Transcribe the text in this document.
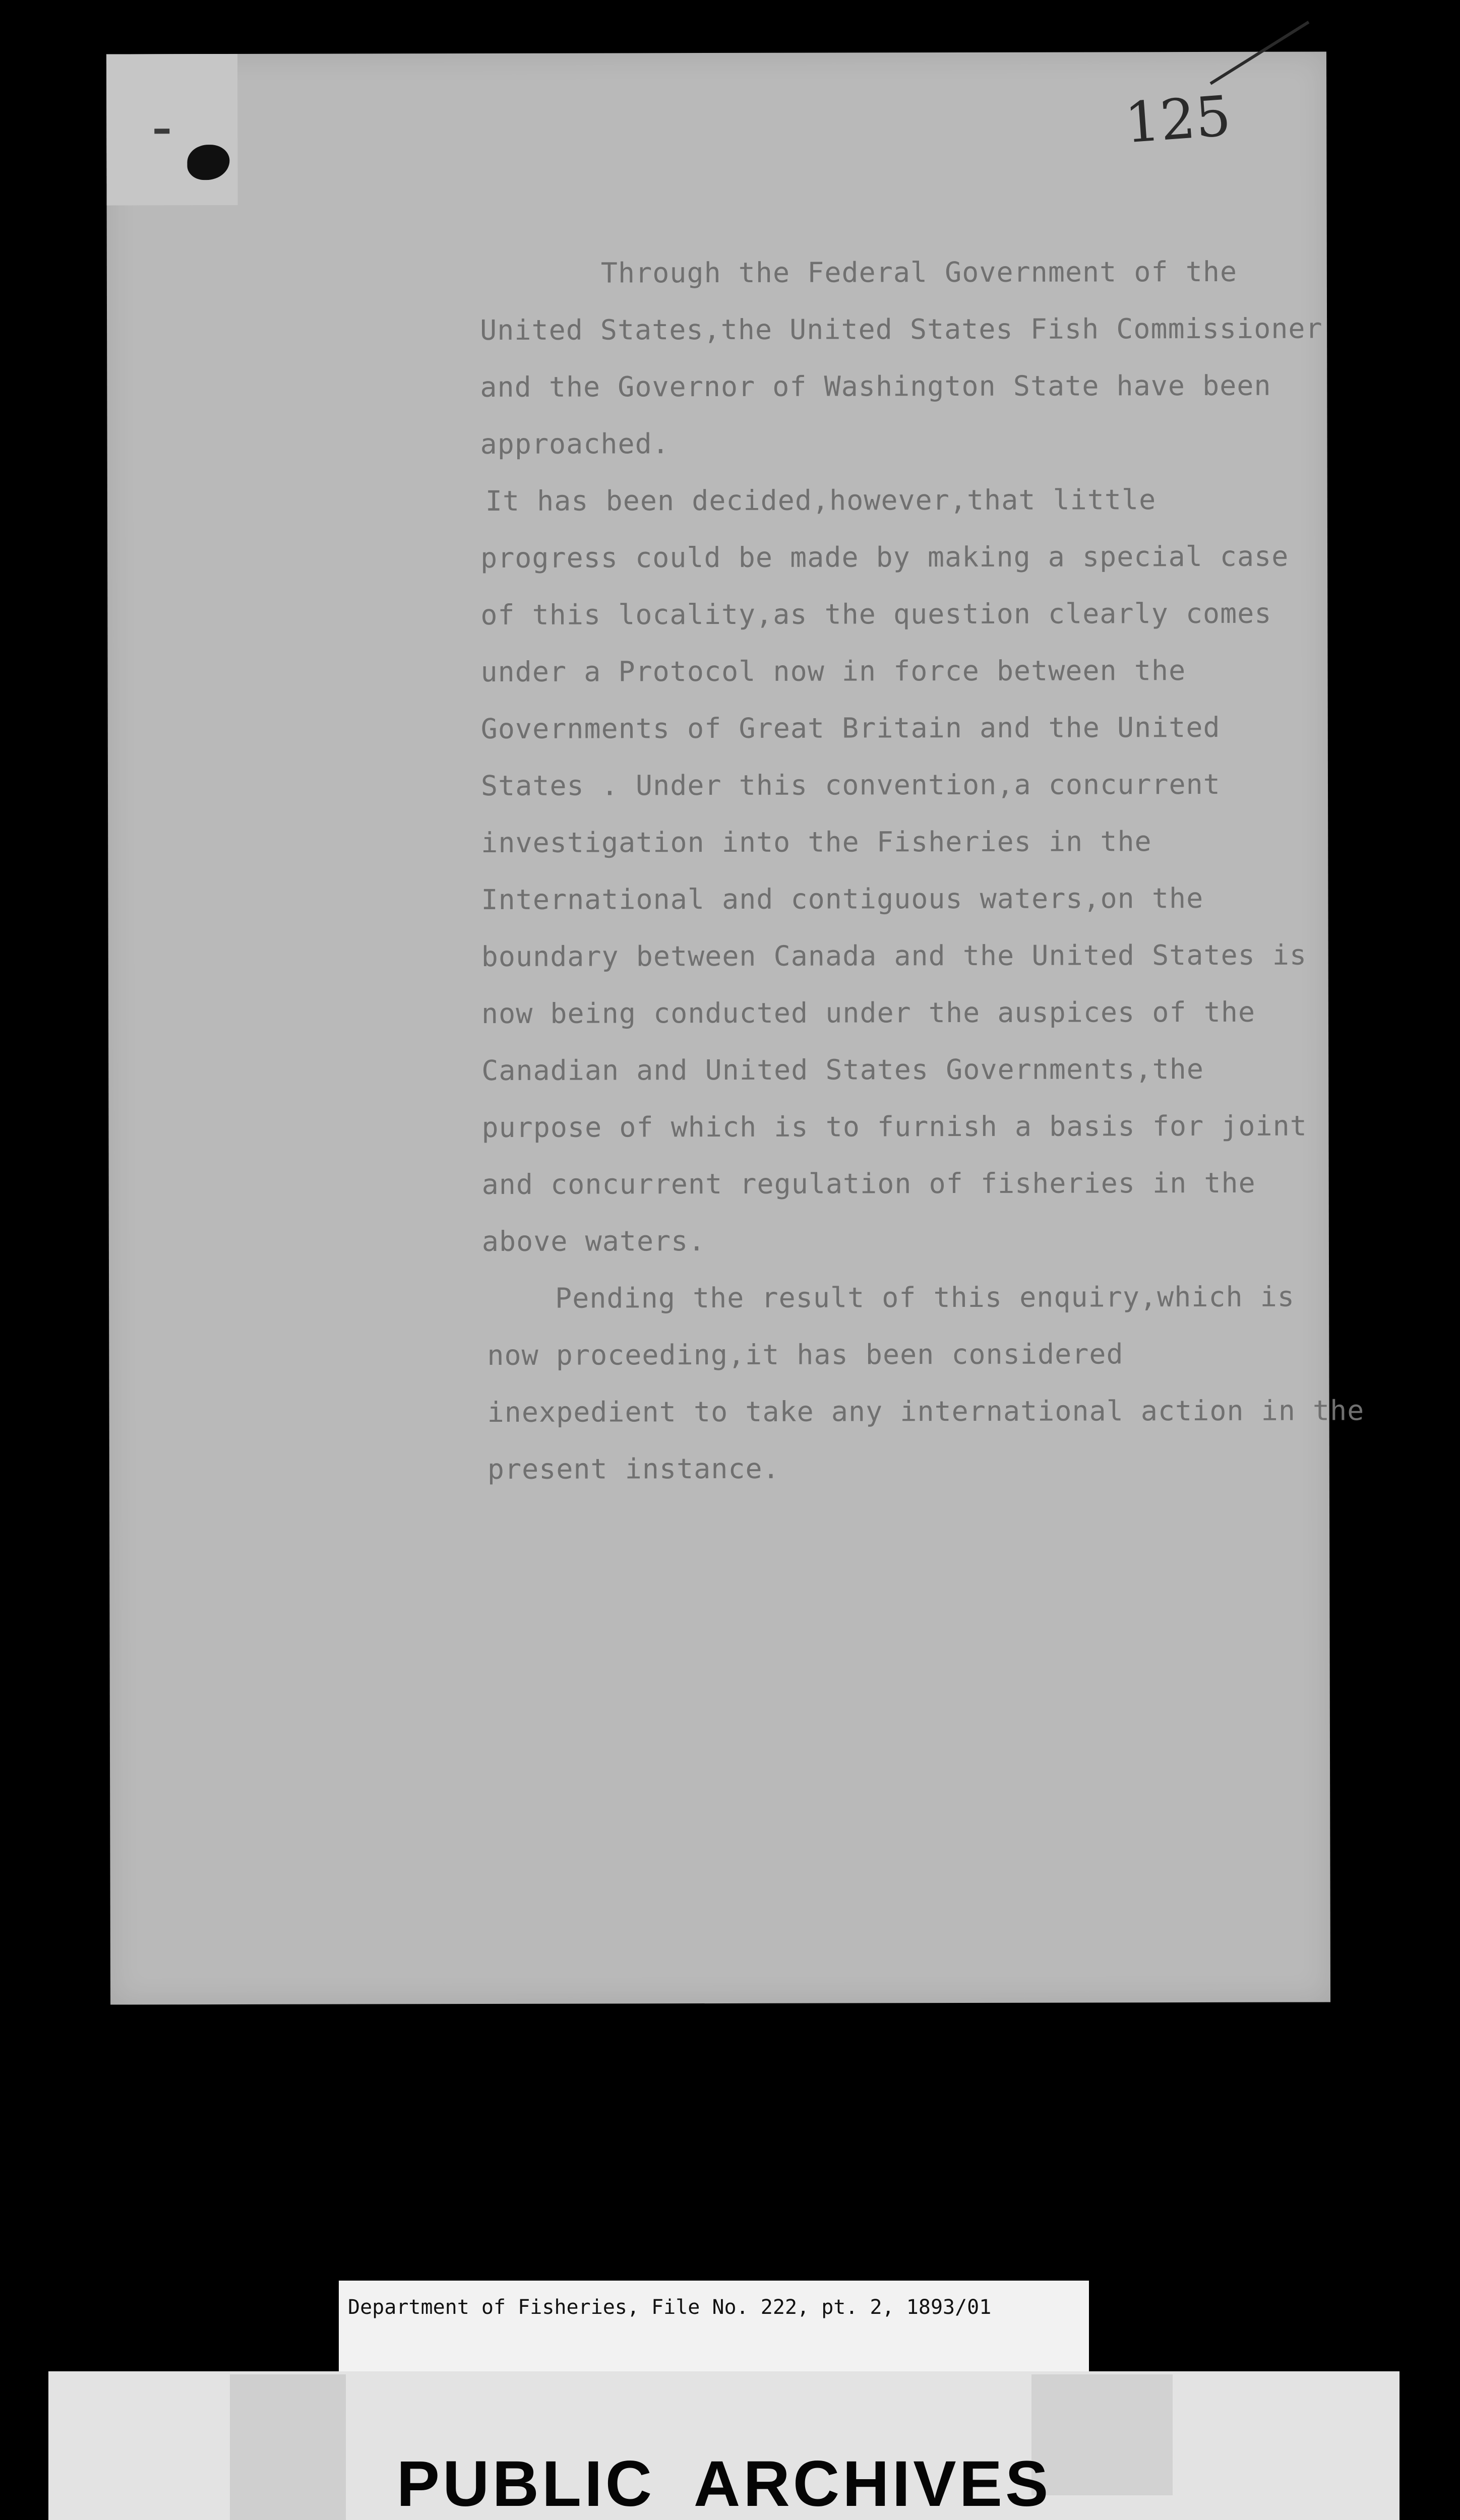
125
Through the Federal Government of the
United States,the United States Fish Commissioner
and the Governor of Washington State have been
approached.
It has been decided,however,that little
progress could be made by making a special case
of this locality,as the question clearly comes
under a Protocol now in force between the
Governments of Great Britain and the United
States . Under this convention,a concurrent
investigation into the Fisheries in the
International and contiguous waters,on the
boundary between Canada and the United States is
now being conducted under the auspices of the
Canadian and United States Governments,the
purpose of which is to furnish a basis for joint
and concurrent regulation of fisheries in the
above waters.
Pending the result of this enquiry,which is
now proceeding,it has been considered
inexpedient to take any international action in the
present instance.
Department of Fisheries, File No. 222, pt. 2, 1893/01
PUBLIC ARCHIVES
